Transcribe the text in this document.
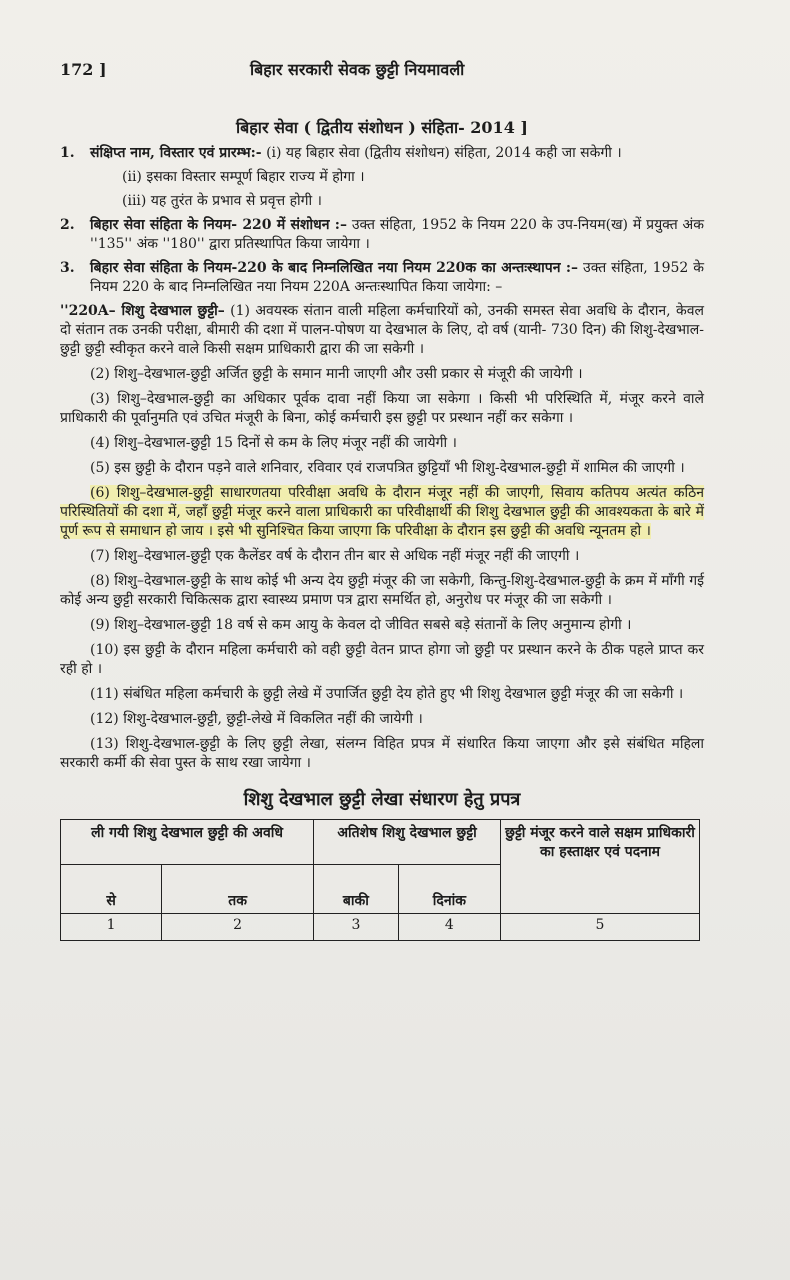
172 ]	बिहार सरकारी सेवक छुट्टी नियमावली
बिहार सेवा ( द्वितीय संशोधन ) संहिता- 2014 ]
1.	संक्षिप्त नाम, विस्तार एवं प्रारम्भ:- (i) यह बिहार सेवा (द्वितीय संशोधन) संहिता, 2014 कही जा सकेगी ।
(ii) इसका विस्तार सम्पूर्ण बिहार राज्य में होगा ।
(iii) यह तुरंत के प्रभाव से प्रवृत्त होगी ।
2.	बिहार सेवा संहिता के नियम- 220 में संशोधन :– उक्त संहिता, 1952 के नियम 220 के उप-नियम(ख) में प्रयुक्त अंक ''135'' अंक ''180'' द्वारा प्रतिस्थापित किया जायेगा ।
3.	बिहार सेवा संहिता के नियम-220 के बाद निम्नलिखित नया नियम 220क का अन्तःस्थापन :– उक्त संहिता, 1952 के नियम 220 के बाद निम्नलिखित नया नियम 220A अन्तःस्थापित किया जायेगा: –

''220A– शिशु देखभाल छुट्टी– (1) अवयस्क संतान वाली महिला कर्मचारियों को, उनकी समस्त सेवा अवधि के दौरान, केवल दो संतान तक उनकी परीक्षा, बीमारी की दशा में पालन-पोषण या देखभाल के लिए, दो वर्ष (यानी- 730 दिन) की शिशु-देखभाल-छुट्टी छुट्टी स्वीकृत करने वाले किसी सक्षम प्राधिकारी द्वारा की जा सकेगी ।

(2) शिशु–देखभाल-छुट्टी अर्जित छुट्टी के समान मानी जाएगी और उसी प्रकार से मंजूरी की जायेगी ।

(3) शिशु–देखभाल-छुट्टी का अधिकार पूर्वक दावा नहीं किया जा सकेगा । किसी भी परिस्थिति में, मंजूर करने वाले प्राधिकारी की पूर्वानुमति एवं उचित मंजूरी के बिना, कोई कर्मचारी इस छुट्टी पर प्रस्थान नहीं कर सकेगा ।

(4) शिशु–देखभाल-छुट्टी 15 दिनों से कम के लिए मंजूर नहीं की जायेगी ।

(5) इस छुट्टी के दौरान पड़ने वाले शनिवार, रविवार एवं राजपत्रित छुट्टियाँ भी शिशु-देखभाल-छुट्टी में शामिल की जाएगी ।

(6) शिशु–देखभाल-छुट्टी साधारणतया परिवीक्षा अवधि के दौरान मंजूर नहीं की जाएगी, सिवाय कतिपय अत्यंत कठिन परिस्थितियों की दशा में, जहाँ छुट्टी मंजूर करने वाला प्राधिकारी का परिवीक्षार्थी की शिशु देखभाल छुट्टी की आवश्यकता के बारे में पूर्ण रूप से समाधान हो जाय । इसे भी सुनिश्चित किया जाएगा कि परिवीक्षा के दौरान इस छुट्टी की अवधि न्यूनतम हो ।

(7) शिशु–देखभाल-छुट्टी एक कैलेंडर वर्ष के दौरान तीन बार से अधिक नहीं मंजूर नहीं की जाएगी ।

(8) शिशु–देखभाल-छुट्टी के साथ कोई भी अन्य देय छुट्टी मंजूर की जा सकेगी, किन्तु-शिशु-देखभाल-छुट्टी के क्रम में माँगी गई कोई अन्य छुट्टी सरकारी चिकित्सक द्वारा स्वास्थ्य प्रमाण पत्र द्वारा समर्थित हो, अनुरोध पर मंजूर की जा सकेगी ।

(9) शिशु–देखभाल-छुट्टी 18 वर्ष से कम आयु के केवल दो जीवित सबसे बड़े संतानों के लिए अनुमान्य होगी ।

(10) इस छुट्टी के दौरान महिला कर्मचारी को वही छुट्टी वेतन प्राप्त होगा जो छुट्टी पर प्रस्थान करने के ठीक पहले प्राप्त कर रही हो ।

(11) संबंधित महिला कर्मचारी के छुट्टी लेखे में उपार्जित छुट्टी देय होते हुए भी शिशु देखभाल छुट्टी मंजूर की जा सकेगी ।

(12) शिशु-देखभाल-छुट्टी, छुट्टी-लेखे में विकलित नहीं की जायेगी ।

(13) शिशु-देखभाल-छुट्टी के लिए छुट्टी लेखा, संलग्न विहित प्रपत्र में संधारित किया जाएगा और इसे संबंधित महिला सरकारी कर्मी की सेवा पुस्त के साथ रखा जायेगा ।

शिशु देखभाल छुट्टी लेखा संधारण हेतु प्रपत्र
ली गयी शिशु देखभाल छुट्टी की अवधि		अतिशेष शिशु देखभाल छुट्टी		छुट्टी मंजूर करने वाले सक्षम प्राधिकारी का हस्ताक्षर एवं पदनाम
से	तक	बाकी	दिनांक	
1	2	3	4	5
